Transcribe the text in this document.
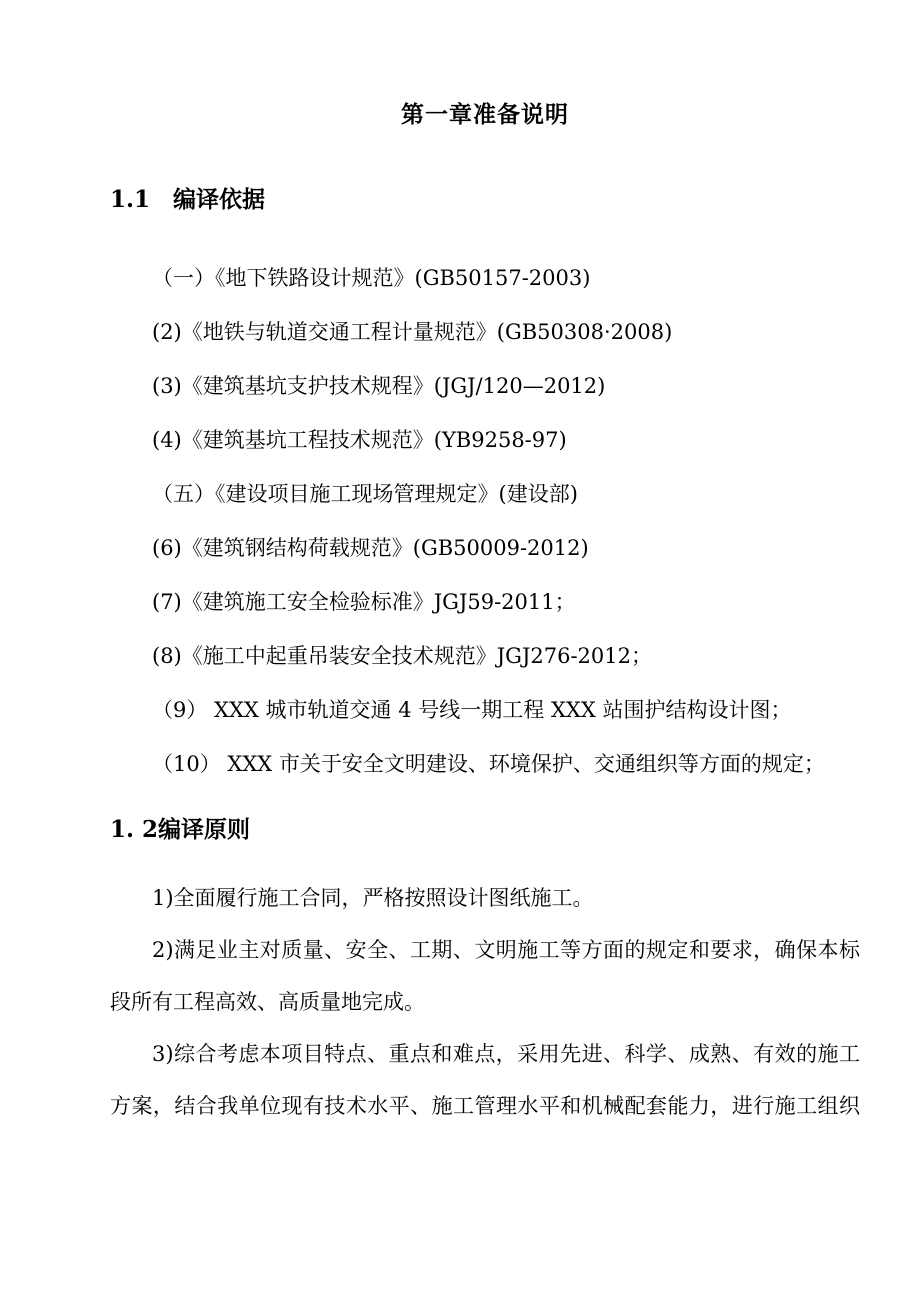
第一章准备说明
1.1　编译依据

（一）《地下铁路设计规范》(GB50157-2003)

(2)《地铁与轨道交通工程计量规范》(GB50308·2008)

(3)《建筑基坑支护技术规程》(JGJ/120—2012)

(4)《建筑基坑工程技术规范》(YB9258-97)

（五）《建设项目施工现场管理规定》(建设部)

(6)《建筑钢结构荷载规范》(GB50009-2012)

(7)《建筑施工安全检验标准》JGJ59-2011；

(8)《施工中起重吊装安全技术规范》JGJ276-2012；

（9） XXX 城市轨道交通 4 号线一期工程 XXX 站围护结构设计图；

（10） XXX 市关于安全文明建设、环境保护、交通组织等方面的规定；

1. 2编译原则
1)全面履行施工合同，严格按照设计图纸施工。
2)满足业主对质量、安全、工期、文明施工等方面的规定和要求，确保本标
段所有工程高效、高质量地完成。
3)综合考虑本项目特点、重点和难点，采用先进、科学、成熟、有效的施工
方案，结合我单位现有技术水平、施工管理水平和机械配套能力，进行施工组织
